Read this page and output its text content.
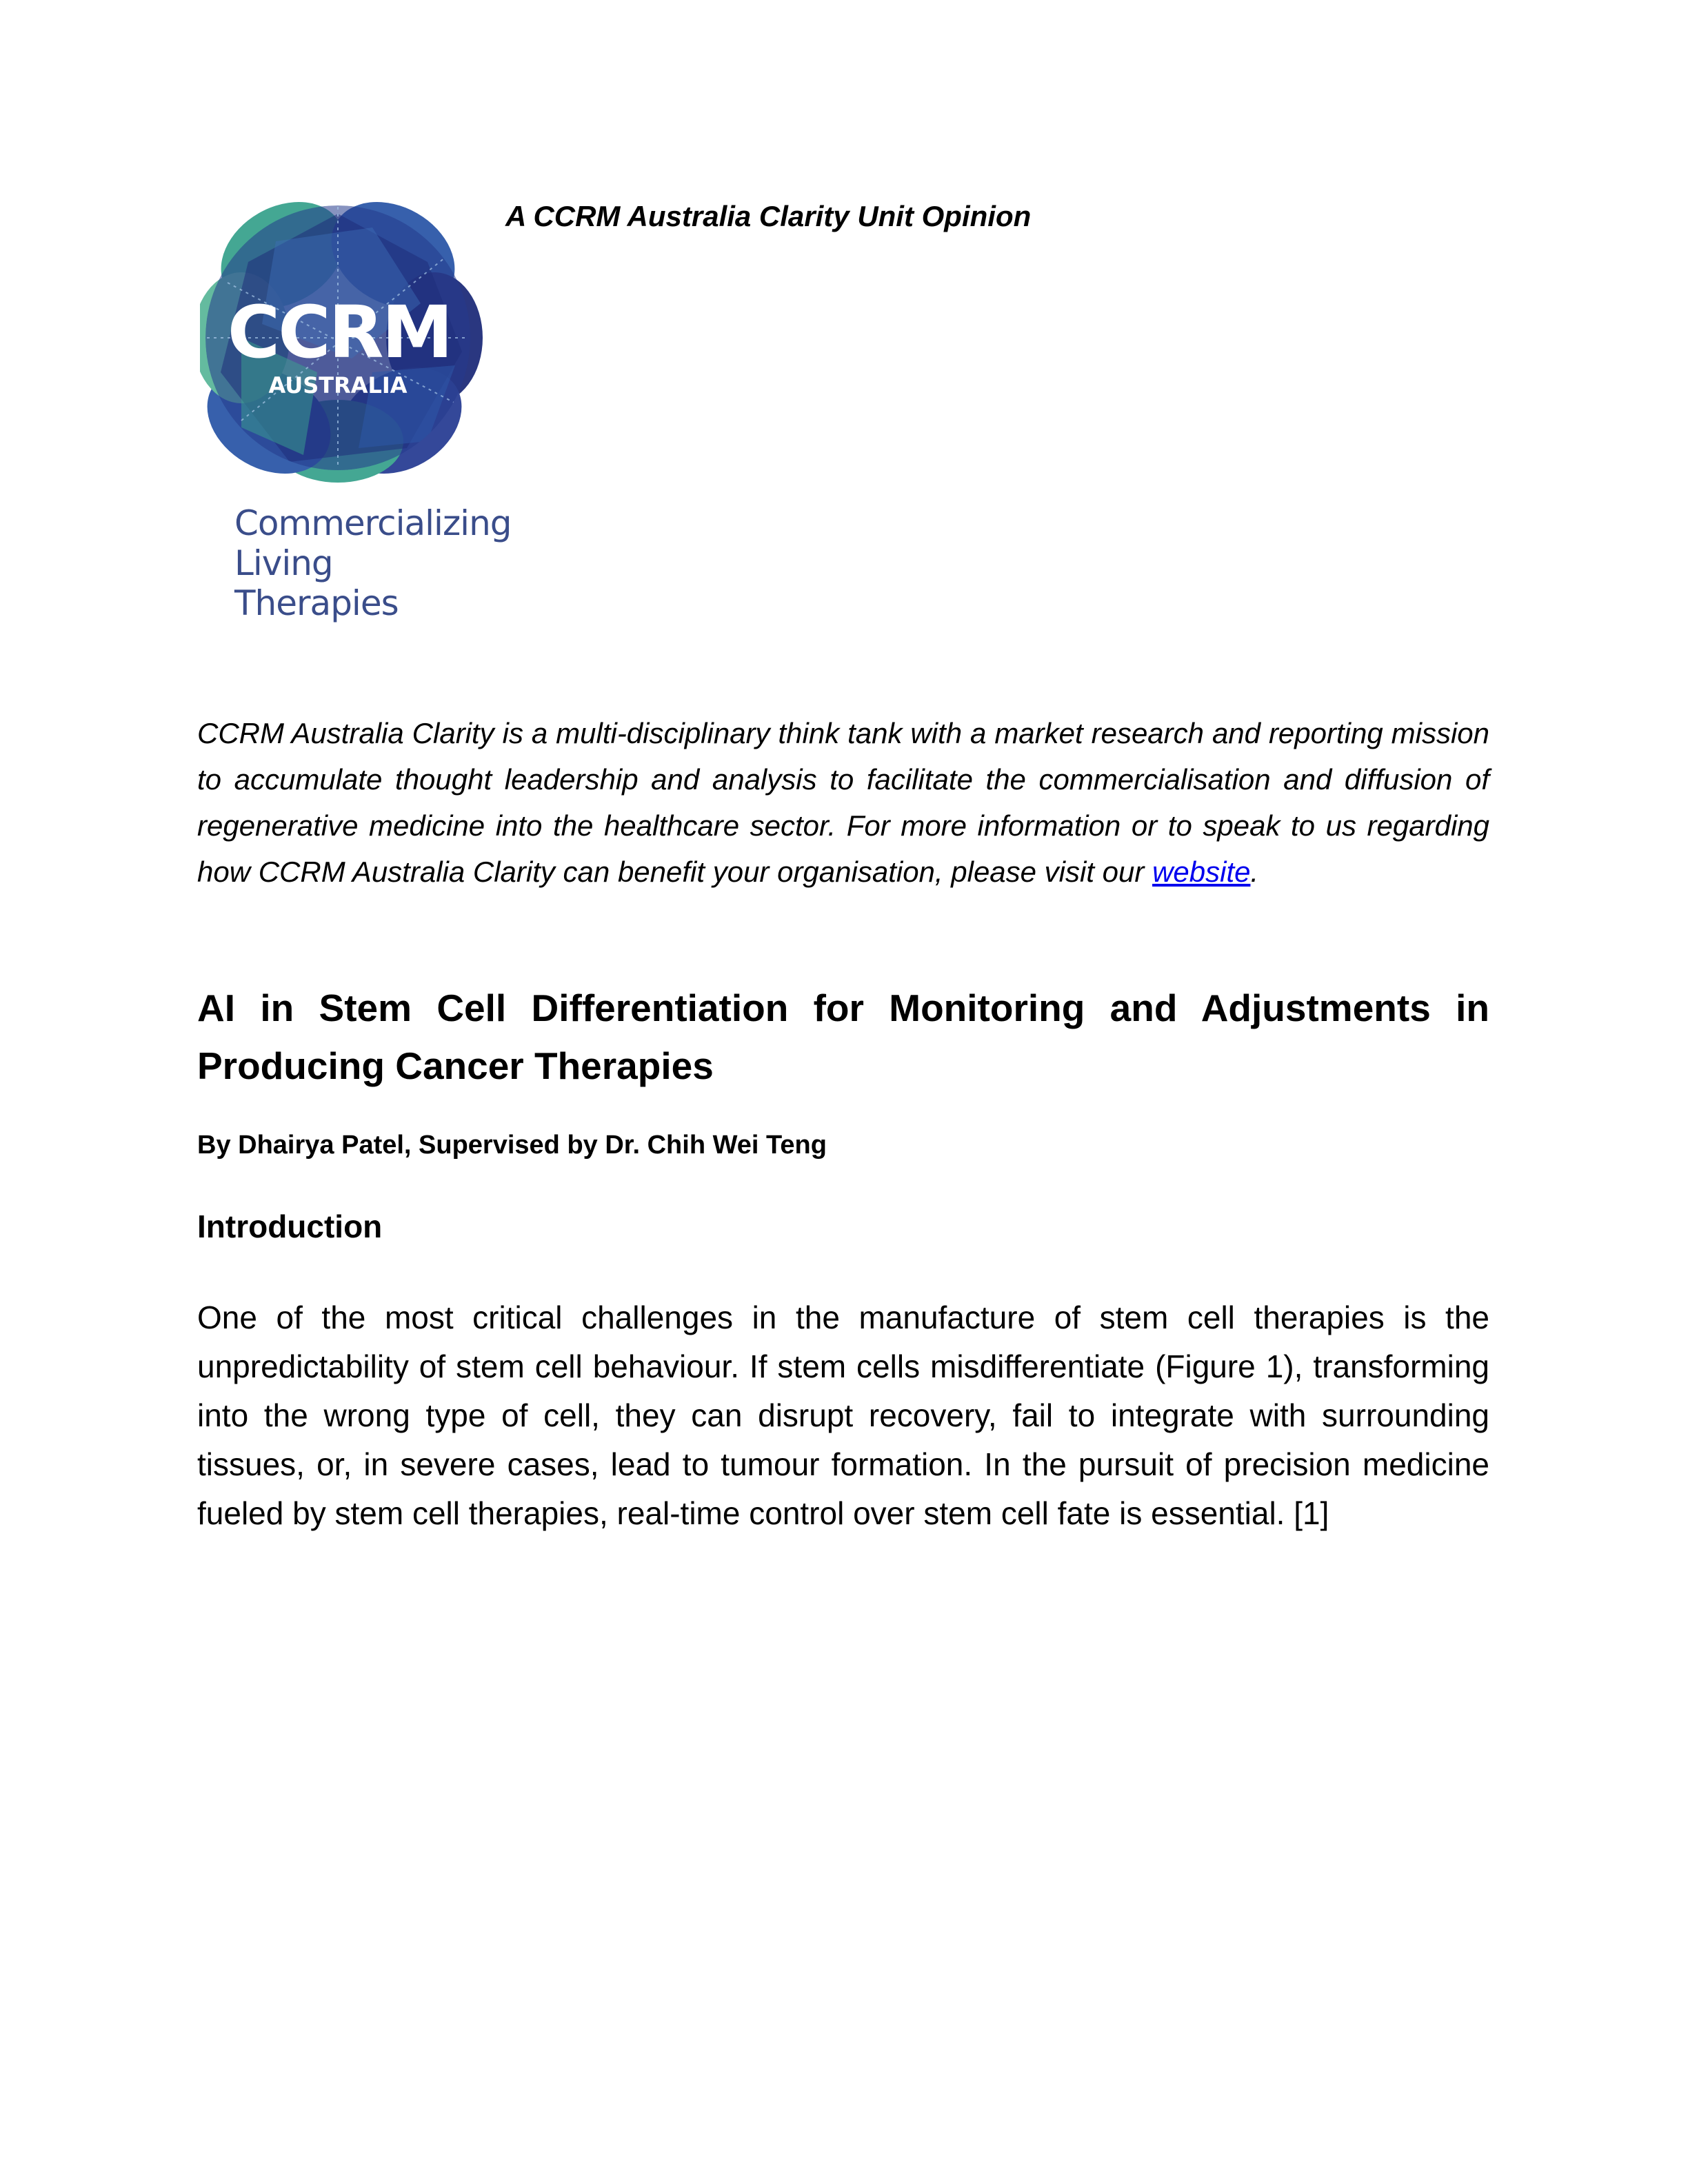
CCRM
AUSTRALIA
Commercializing
Living Therapies
A CCRM Australia Clarity Unit Opinion
CCRM Australia Clarity is a multi-disciplinary think tank with a market research and reporting mission to accumulate thought leadership and analysis to facilitate the commercialisation and diffusion of regenerative medicine into the healthcare sector. For more information or to speak to us regarding how CCRM Australia Clarity can benefit your organisation, please visit our website.
AI in Stem Cell Differentiation for Monitoring and Adjustments in Producing Cancer Therapies
By Dhairya Patel, Supervised by Dr. Chih Wei Teng
Introduction
One of the most critical challenges in the manufacture of stem cell therapies is the unpredictability of stem cell behaviour. If stem cells misdifferentiate (Figure 1), transforming into the wrong type of cell, they can disrupt recovery, fail to integrate with surrounding tissues, or, in severe cases, lead to tumour formation. In the pursuit of precision medicine fueled by stem cell therapies, real-time control over stem cell fate is essential. [1]
